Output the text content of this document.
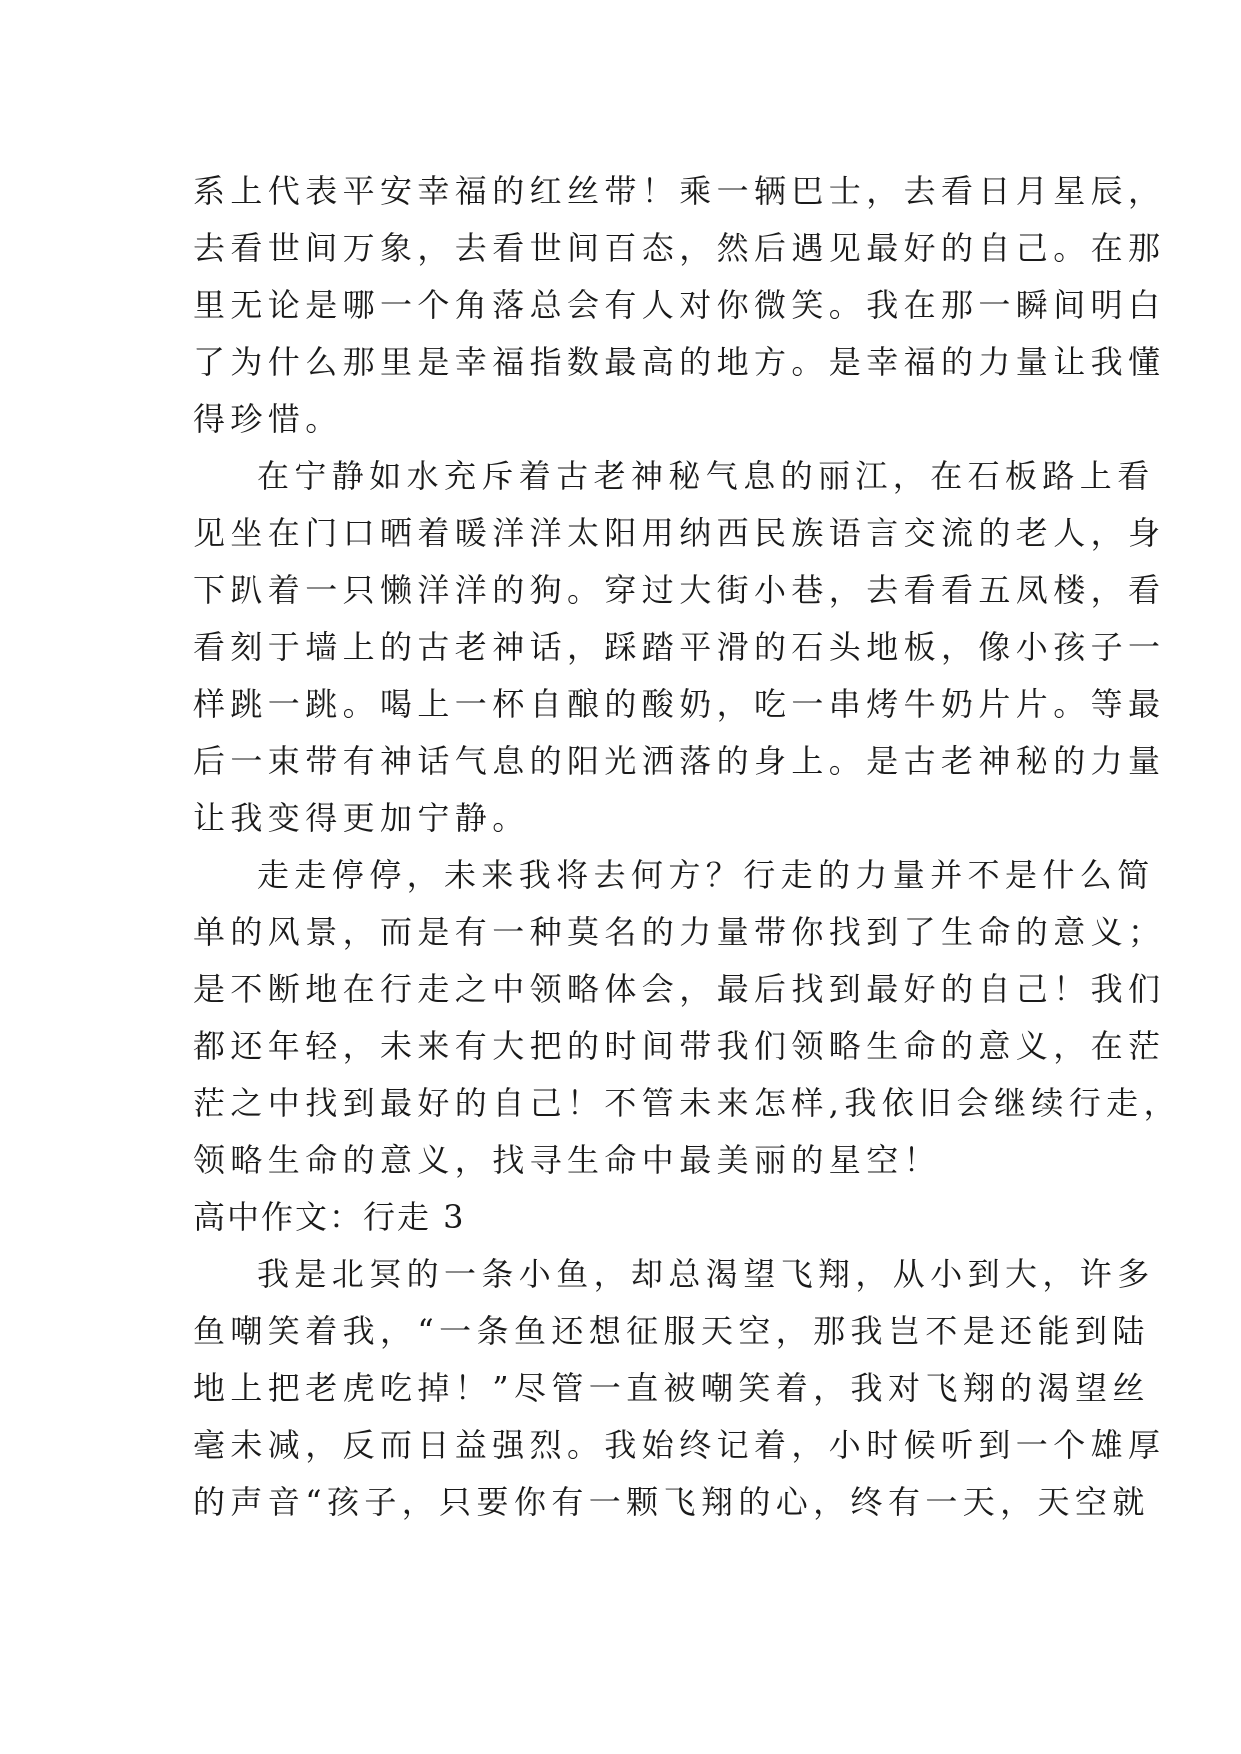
系上代表平安幸福的红丝带！乘一辆巴士，去看日月星辰，
去看世间万象，去看世间百态，然后遇见最好的自己。在那
里无论是哪一个角落总会有人对你微笑。我在那一瞬间明白
了为什么那里是幸福指数最高的地方。是幸福的力量让我懂
得珍惜。
在宁静如水充斥着古老神秘气息的丽江，在石板路上看
见坐在门口晒着暖洋洋太阳用纳西民族语言交流的老人，身
下趴着一只懒洋洋的狗。穿过大街小巷，去看看五凤楼，看
看刻于墙上的古老神话，踩踏平滑的石头地板，像小孩子一
样跳一跳。喝上一杯自酿的酸奶，吃一串烤牛奶片片。等最
后一束带有神话气息的阳光洒落的身上。是古老神秘的力量
让我变得更加宁静。
走走停停，未来我将去何方？行走的力量并不是什么简
单的风景，而是有一种莫名的力量带你找到了生命的意义；
是不断地在行走之中领略体会，最后找到最好的自己！我们
都还年轻，未来有大把的时间带我们领略生命的意义，在茫
茫之中找到最好的自己！不管未来怎样,我依旧会继续行走，
领略生命的意义，找寻生命中最美丽的星空！
高中作文：行走 3
我是北冥的一条小鱼，却总渴望飞翔，从小到大，许多
鱼嘲笑着我，“一条鱼还想征服天空，那我岂不是还能到陆
地上把老虎吃掉！”尽管一直被嘲笑着，我对飞翔的渴望丝
毫未减，反而日益强烈。我始终记着，小时候听到一个雄厚
的声音“孩子，只要你有一颗飞翔的心，终有一天，天空就
